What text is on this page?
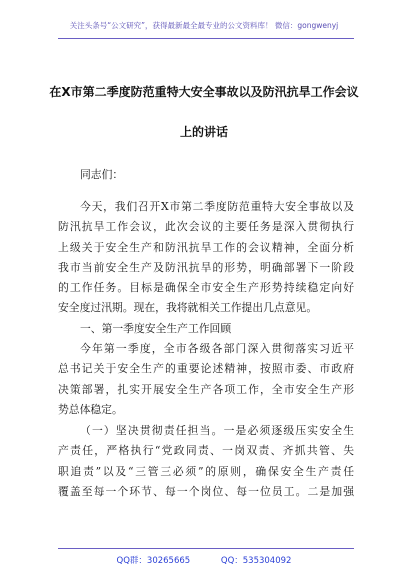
关注头条号“公文研究”，获得最新最全最专业的公文资料库！ 微信：gongwenyj
在X市第二季度防范重特大安全事故以及防汛抗旱工作会议
上的讲话
同志们：
今天，我们召开X市第二季度防范重特大安全事故以及
防汛抗旱工作会议，此次会议的主要任务是深入贯彻执行
上级关于安全生产和防汛抗旱工作的会议精神，全面分析
我市当前安全生产及防汛抗旱的形势，明确部署下一阶段
的工作任务。目标是确保全市安全生产形势持续稳定向好
安全度过汛期。现在，我将就相关工作提出几点意见。
一、第一季度安全生产工作回顾
今年第一季度，全市各级各部门深入贯彻落实习近平
总书记关于安全生产的重要论述精神，按照市委、市政府
决策部署，扎实开展安全生产各项工作，全市安全生产形
势总体稳定。
（一）坚决贯彻责任担当。一是必须逐级压实安全生
产责任，严格执行“党政同责、一岗双责、齐抓共管、失
职追责”以及“三管三必须”的原则，确保安全生产责任
覆盖至每一个环节、每一个岗位、每一位员工。二是加强
QQ群：30265665	QQ：535304092
